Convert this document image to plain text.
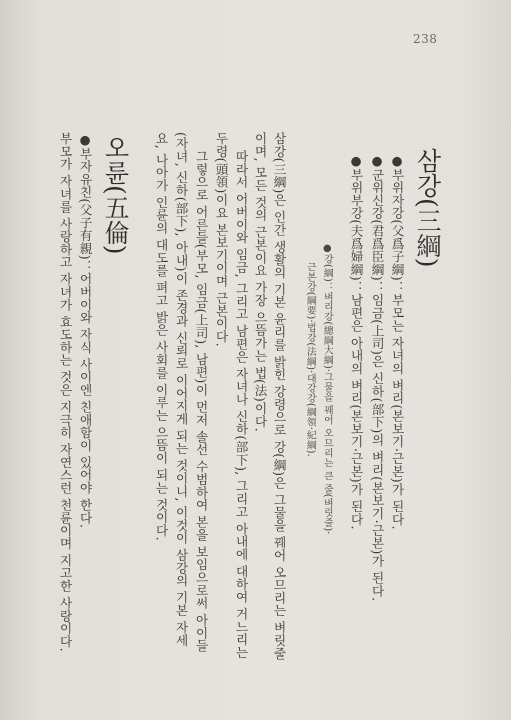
238
삼강(三綱)
●부위자강(父爲子綱)：부모는 자녀의 벼리(본보기·근본)가 된다.
●군위신강(君爲臣綱)：임금(上司)은 신하(部下)의 벼리(본보기·근본)가 된다.
●부위부강(夫爲婦綱)：남편은 아내의 벼리(본보기·근본)가 된다.
●강(綱)：벼리강(總綱大綱)·그물을 꿰어 오므리는 큰 줄(벼릿줄)·
근본강(綱要)·법강(法綱)·대강강(綱領·紀綱).
삼강(三綱)은 인간 생활의 기본 윤리를 밝힌 강령으로 강(綱)은 그물을 꿰어 오므리는 벼릿줄
이며, 모든 것의 근본이요 가장 으뜸가는 법(法)이다.
따라서 어버이와 임금, 그리고 남편은 자녀나 신하(部下), 그리고 아내에 대하여 거느리는
두령(頭領)이요 본보기이며 근본이다.
그렇으로 어른들(부모, 임금(上司), 남편)이 먼저 솔선 수범하여 본을 보임으로써 아이들
(자녀, 신하(部下), 아내)이 존경과 신뢰로 이어지게 되는 것이니, 이것이 삼강의 기본 자세
요, 나아가 인륜의 대도를 펴고 밝은 사회를 이루는 으뜸이 되는 것이다.
오륜(五倫)
●부자유친(父子有親)：어버이와 자식 사이엔 친애함이 있어야 한다.
부모가 자녀를 사랑하고 자녀가 효도하는 것은 지극히 자연스런 천륜이며 지고한 사랑이다.
